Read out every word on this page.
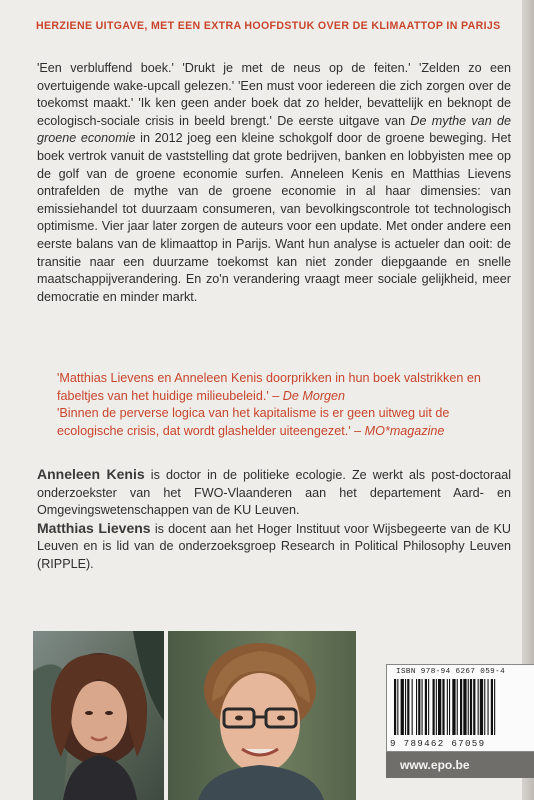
HERZIENE UITGAVE, MET EEN EXTRA HOOFDSTUK OVER DE KLIMAATTOP IN PARIJS
'Een verbluffend boek.' 'Drukt je met de neus op de feiten.' 'Zelden zo een overtuigende wake-upcall gelezen.' 'Een must voor iedereen die zich zorgen over de toekomst maakt.' 'Ik ken geen ander boek dat zo helder, bevattelijk en beknopt de ecologisch-sociale crisis in beeld brengt.' De eerste uitgave van De mythe van de groene economie in 2012 joeg een kleine schokgolf door de groene beweging. Het boek vertrok vanuit de vaststelling dat grote bedrijven, banken en lobbyisten mee op de golf van de groene economie surfen. Anneleen Kenis en Matthias Lievens ontrafelden de mythe van de groene economie in al haar dimensies: van emissiehandel tot duurzaam consumeren, van bevolkingscontrole tot technologisch optimisme. Vier jaar later zorgen de auteurs voor een update. Met onder andere een eerste balans van de klimaattop in Parijs. Want hun analyse is actueler dan ooit: de transitie naar een duurzame toekomst kan niet zonder diepgaande en snelle maatschappijverandering. En zo'n verandering vraagt meer sociale gelijkheid, meer democratie en minder markt.

'Matthias Lievens en Anneleen Kenis doorprikken in hun boek valstrikken en fabeltjes van het huidige milieubeleid.' – De Morgen

'Binnen de perverse logica van het kapitalisme is er geen uitweg uit de ecologische crisis, dat wordt glashelder uiteengezet.' – MO*magazine

Anneleen Kenis is doctor in de politieke ecologie. Ze werkt als post-doctoraal onderzoekster van het FWO-Vlaanderen aan het departement Aard- en Omgevingswetenschappen van de KU Leuven.

Matthias Lievens is docent aan het Hoger Instituut voor Wijsbegeerte van de KU Leuven en is lid van de onderzoeksgroep Research in Political Philosophy Leuven (RIPPLE).

ISBN 978-94 6267 059-4
9 789462 67059
www.epo.be
